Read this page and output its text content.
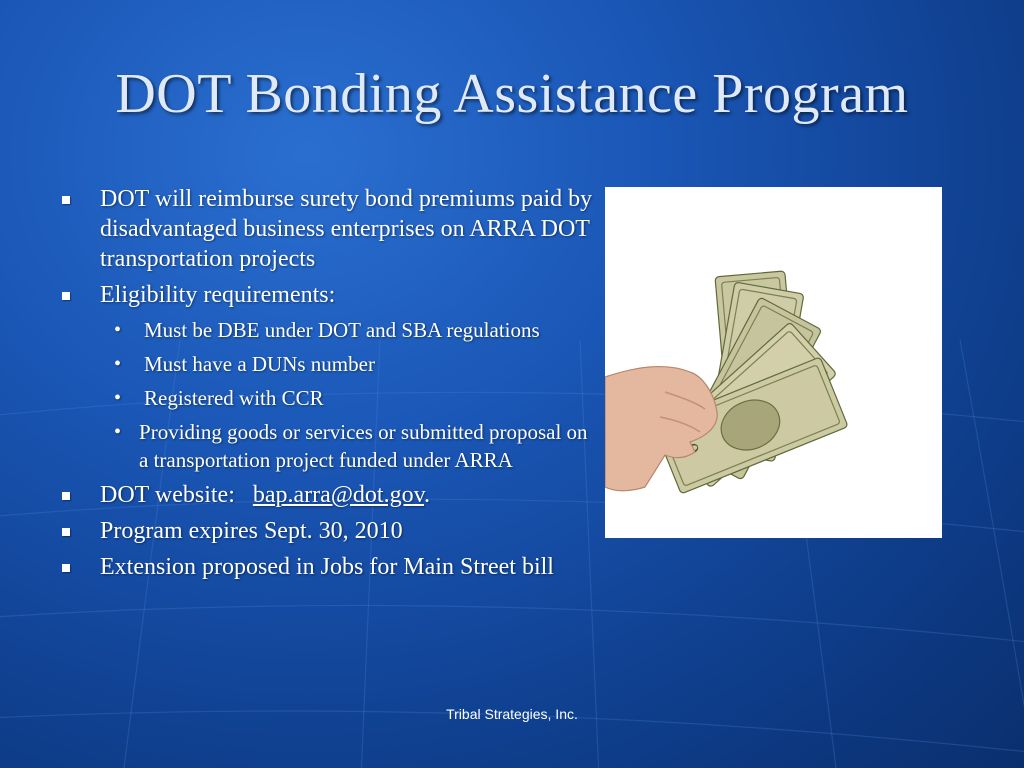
DOT Bonding Assistance Program
DOT will reimburse surety bond premiums paid by disadvantaged business enterprises on ARRA DOT transportation projects
Eligibility requirements:
• Must be DBE under DOT and SBA regulations
• Must have a DUNs number
• Registered with CCR
• Providing goods or services or submitted proposal on a transportation project funded under ARRA
DOT website: bap.arra@dot.gov.
Program expires Sept. 30, 2010
Extension proposed in Jobs for Main Street bill
Tribal Strategies, Inc.
